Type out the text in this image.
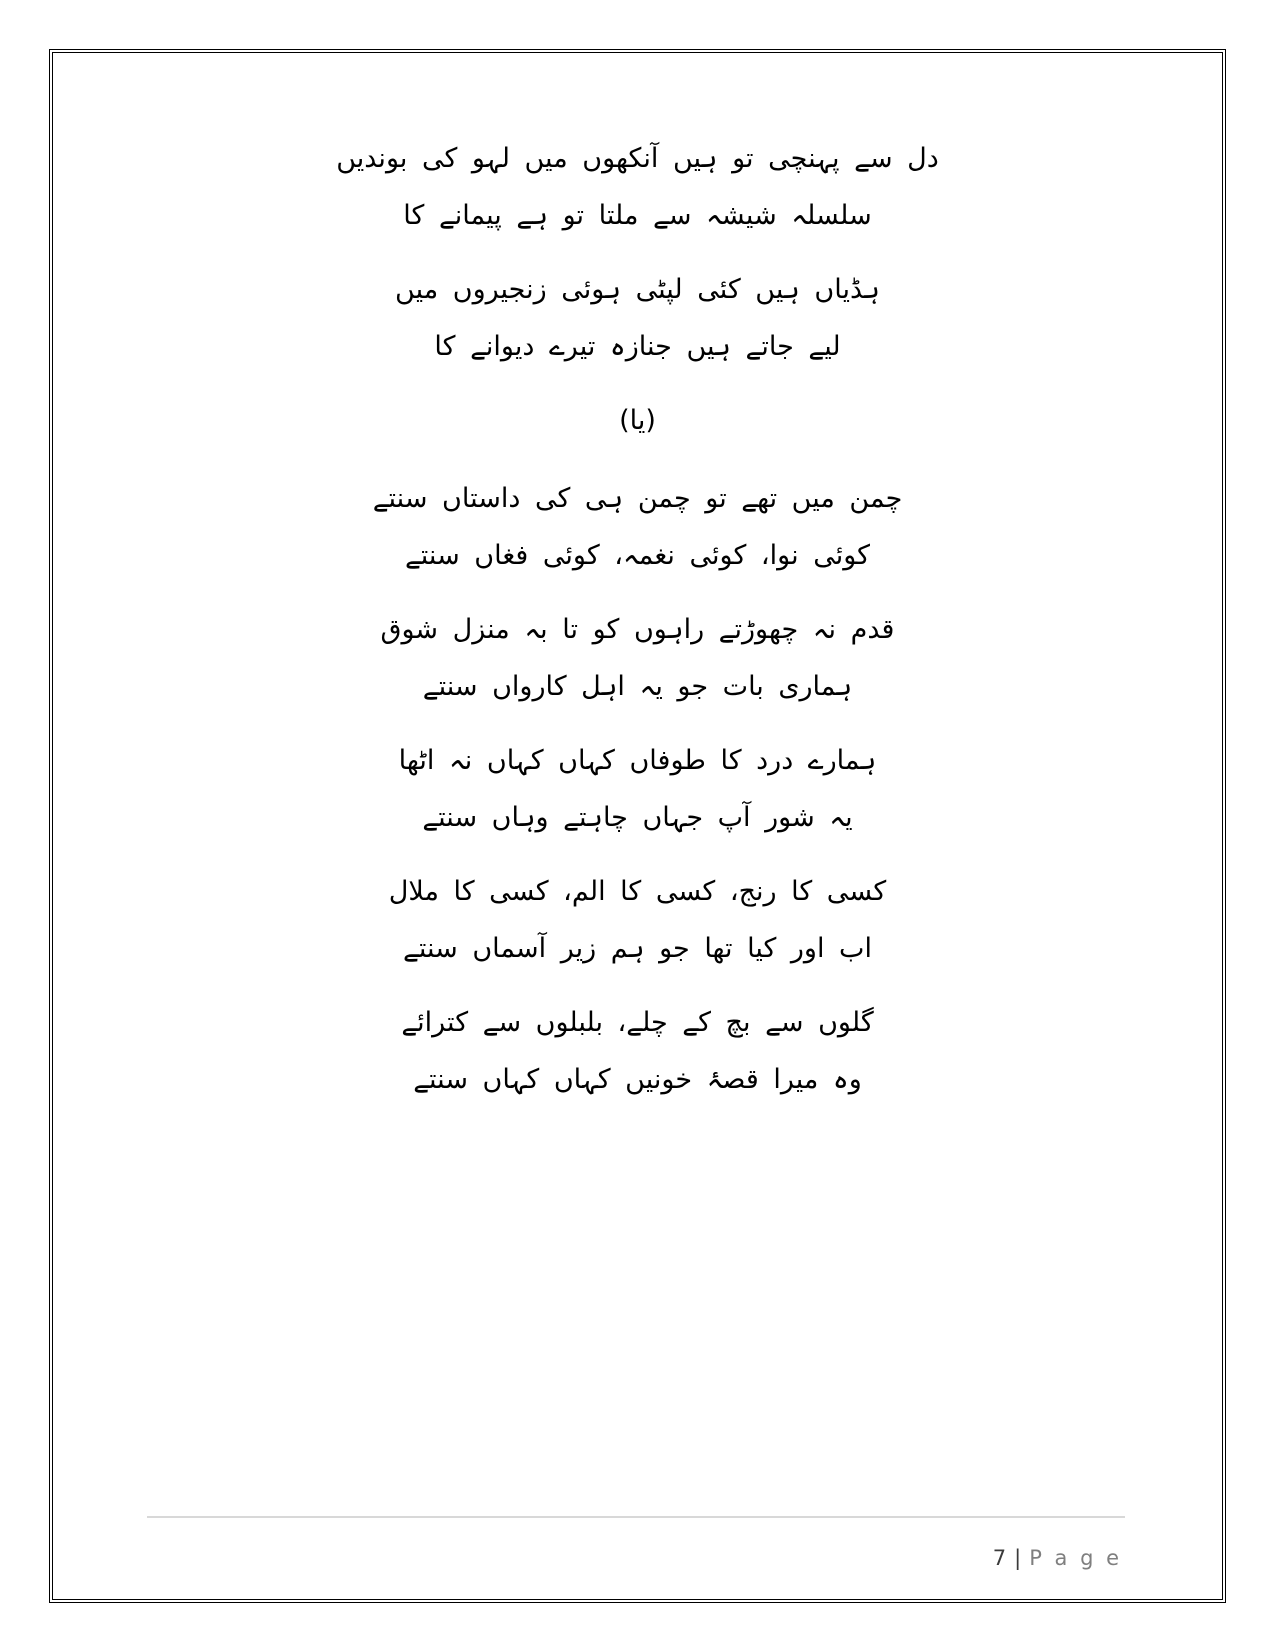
دل سے پہنچی تو ہیں آنکھوں میں لہو کی بوندیں
سلسلہ شیشہ سے ملتا تو ہے پیمانے کا
ہڈیاں ہیں کئی لپٹی ہوئی زنجیروں میں
لیے جاتے ہیں جنازہ تیرے دیوانے کا
(یا)
چمن میں تھے تو چمن ہی کی داستاں سنتے
کوئی نوا، کوئی نغمہ، کوئی فغاں سنتے
قدم نہ چھوڑتے راہوں کو تا بہ منزل شوق
ہماری بات جو یہ اہل کارواں سنتے
ہمارے درد کا طوفاں کہاں کہاں نہ اٹھا
یہ شور آپ جہاں چاہتے وہاں سنتے
کسی کا رنج، کسی کا الم، کسی کا ملال
اب اور کیا تھا جو ہم زیر آسماں سنتے
گلوں سے بچ کے چلے، بلبلوں سے کترائے
وہ میرا قصۂ خونیں کہاں کہاں سنتے

7 | P a g e
